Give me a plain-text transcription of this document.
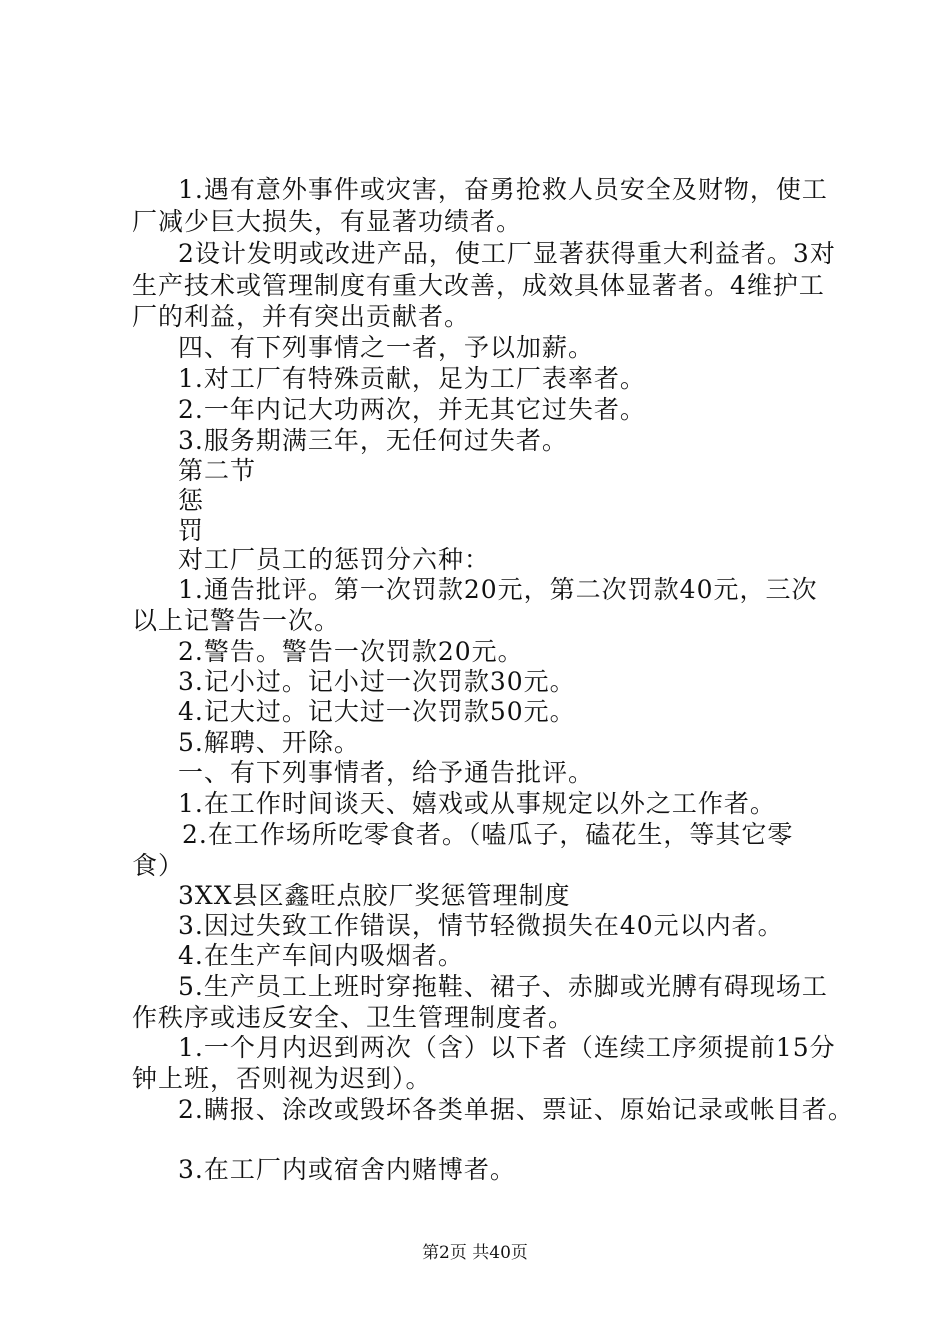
1.遇有意外事件或灾害，奋勇抢救人员安全及财物，使工
厂减少巨大损失，有显著功绩者。
2设计发明或改进产品，使工厂显著获得重大利益者。3对
生产技术或管理制度有重大改善，成效具体显著者。4维护工
厂的利益，并有突出贡献者。
四、有下列事情之一者，予以加薪。
1.对工厂有特殊贡献，足为工厂表率者。
2.一年内记大功两次，并无其它过失者。
3.服务期满三年，无任何过失者。
第二节
惩
罚
对工厂员工的惩罚分六种：
1.通告批评。第一次罚款20元，第二次罚款40元，三次
以上记警告一次。
2.警告。警告一次罚款20元。
3.记小过。记小过一次罚款30元。
4.记大过。记大过一次罚款50元。
5.解聘、开除。
一、有下列事情者，给予通告批评。
1.在工作时间谈天、嬉戏或从事规定以外之工作者。
2.在工作场所吃零食者。（嗑瓜子，磕花生，等其它零
食）
3XX县区鑫旺点胶厂奖惩管理制度
3.因过失致工作错误，情节轻微损失在40元以内者。
4.在生产车间内吸烟者。
5.生产员工上班时穿拖鞋、裙子、赤脚或光膊有碍现场工
作秩序或违反安全、卫生管理制度者。
1.一个月内迟到两次（含）以下者（连续工序须提前15分
钟上班，否则视为迟到）。
2.瞒报、涂改或毁坏各类单据、票证、原始记录或帐目者。
3.在工厂内或宿舍内赌博者。
第2页 共40页
